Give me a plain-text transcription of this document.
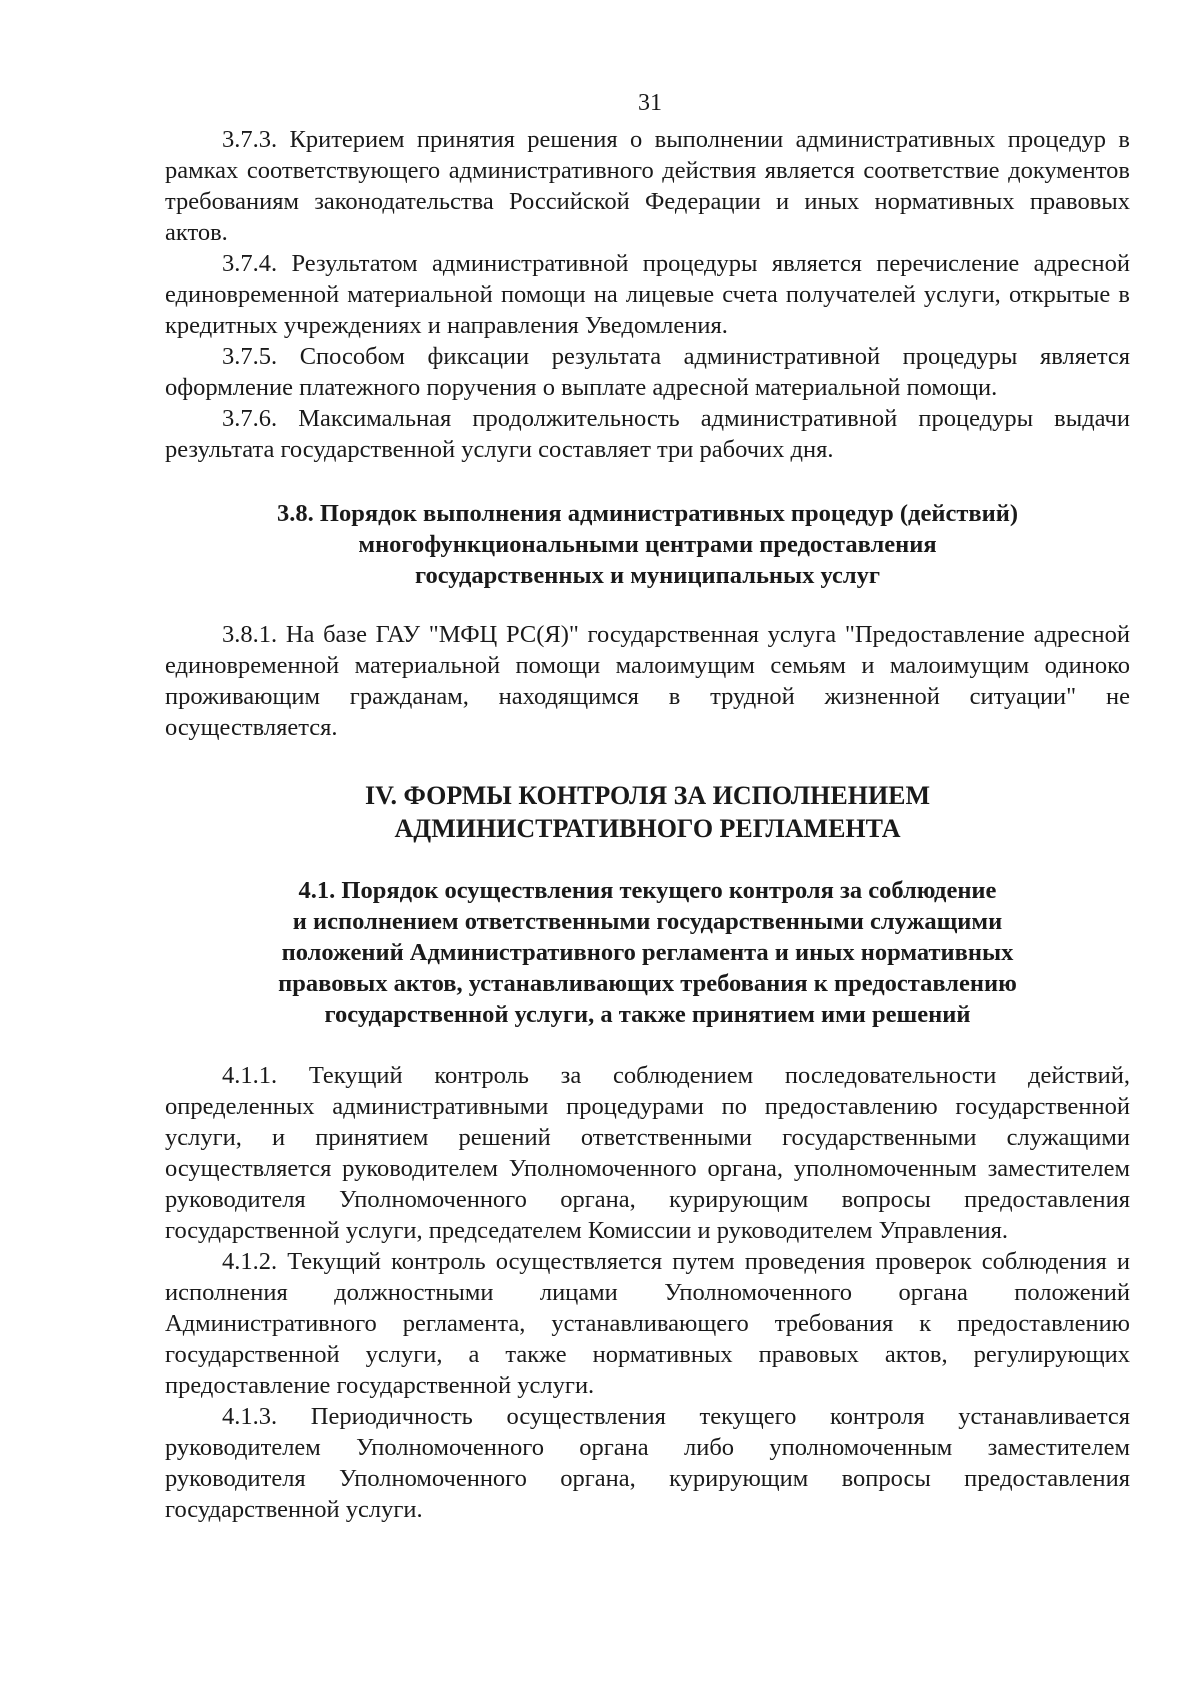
31

3.7.3. Критерием принятия решения о выполнении административных процедур в рамках соответствующего административного действия является соответствие документов требованиям законодательства Российской Федерации и иных нормативных правовых актов.

3.7.4. Результатом административной процедуры является перечисление адресной единовременной материальной помощи на лицевые счета получателей услуги, открытые в кредитных учреждениях и направления Уведомления.

3.7.5. Способом фиксации результата административной процедуры является оформление платежного поручения о выплате адресной материальной помощи.

3.7.6. Максимальная продолжительность административной процедуры выдачи результата государственной услуги составляет три рабочих дня.

3.8. Порядок выполнения административных процедур (действий)
многофункциональными центрами предоставления
государственных и муниципальных услуг

3.8.1. На базе ГАУ "МФЦ РС(Я)" государственная услуга "Предоставление адресной единовременной материальной помощи малоимущим семьям и малоимущим одиноко проживающим гражданам, находящимся в трудной жизненной ситуации" не осуществляется.

IV. ФОРМЫ КОНТРОЛЯ ЗА ИСПОЛНЕНИЕМ
АДМИНИСТРАТИВНОГО РЕГЛАМЕНТА
4.1. Порядок осуществления текущего контроля за соблюдение
и исполнением ответственными государственными служащими
положений Административного регламента и иных нормативных
правовых актов, устанавливающих требования к предоставлению
государственной услуги, а также принятием ими решений

4.1.1. Текущий контроль за соблюдением последовательности действий, определенных административными процедурами по предоставлению государственной услуги, и принятием решений ответственными государственными служащими осуществляется руководителем Уполномоченного органа, уполномоченным заместителем руководителя Уполномоченного органа, курирующим вопросы предоставления государственной услуги, председателем Комиссии и руководителем Управления.

4.1.2. Текущий контроль осуществляется путем проведения проверок соблюдения и исполнения должностными лицами Уполномоченного органа положений Административного регламента, устанавливающего требования к предоставлению государственной услуги, а также нормативных правовых актов, регулирующих предоставление государственной услуги.

4.1.3. Периодичность осуществления текущего контроля устанавливается руководителем Уполномоченного органа либо уполномоченным заместителем руководителя Уполномоченного органа, курирующим вопросы предоставления государственной услуги.
